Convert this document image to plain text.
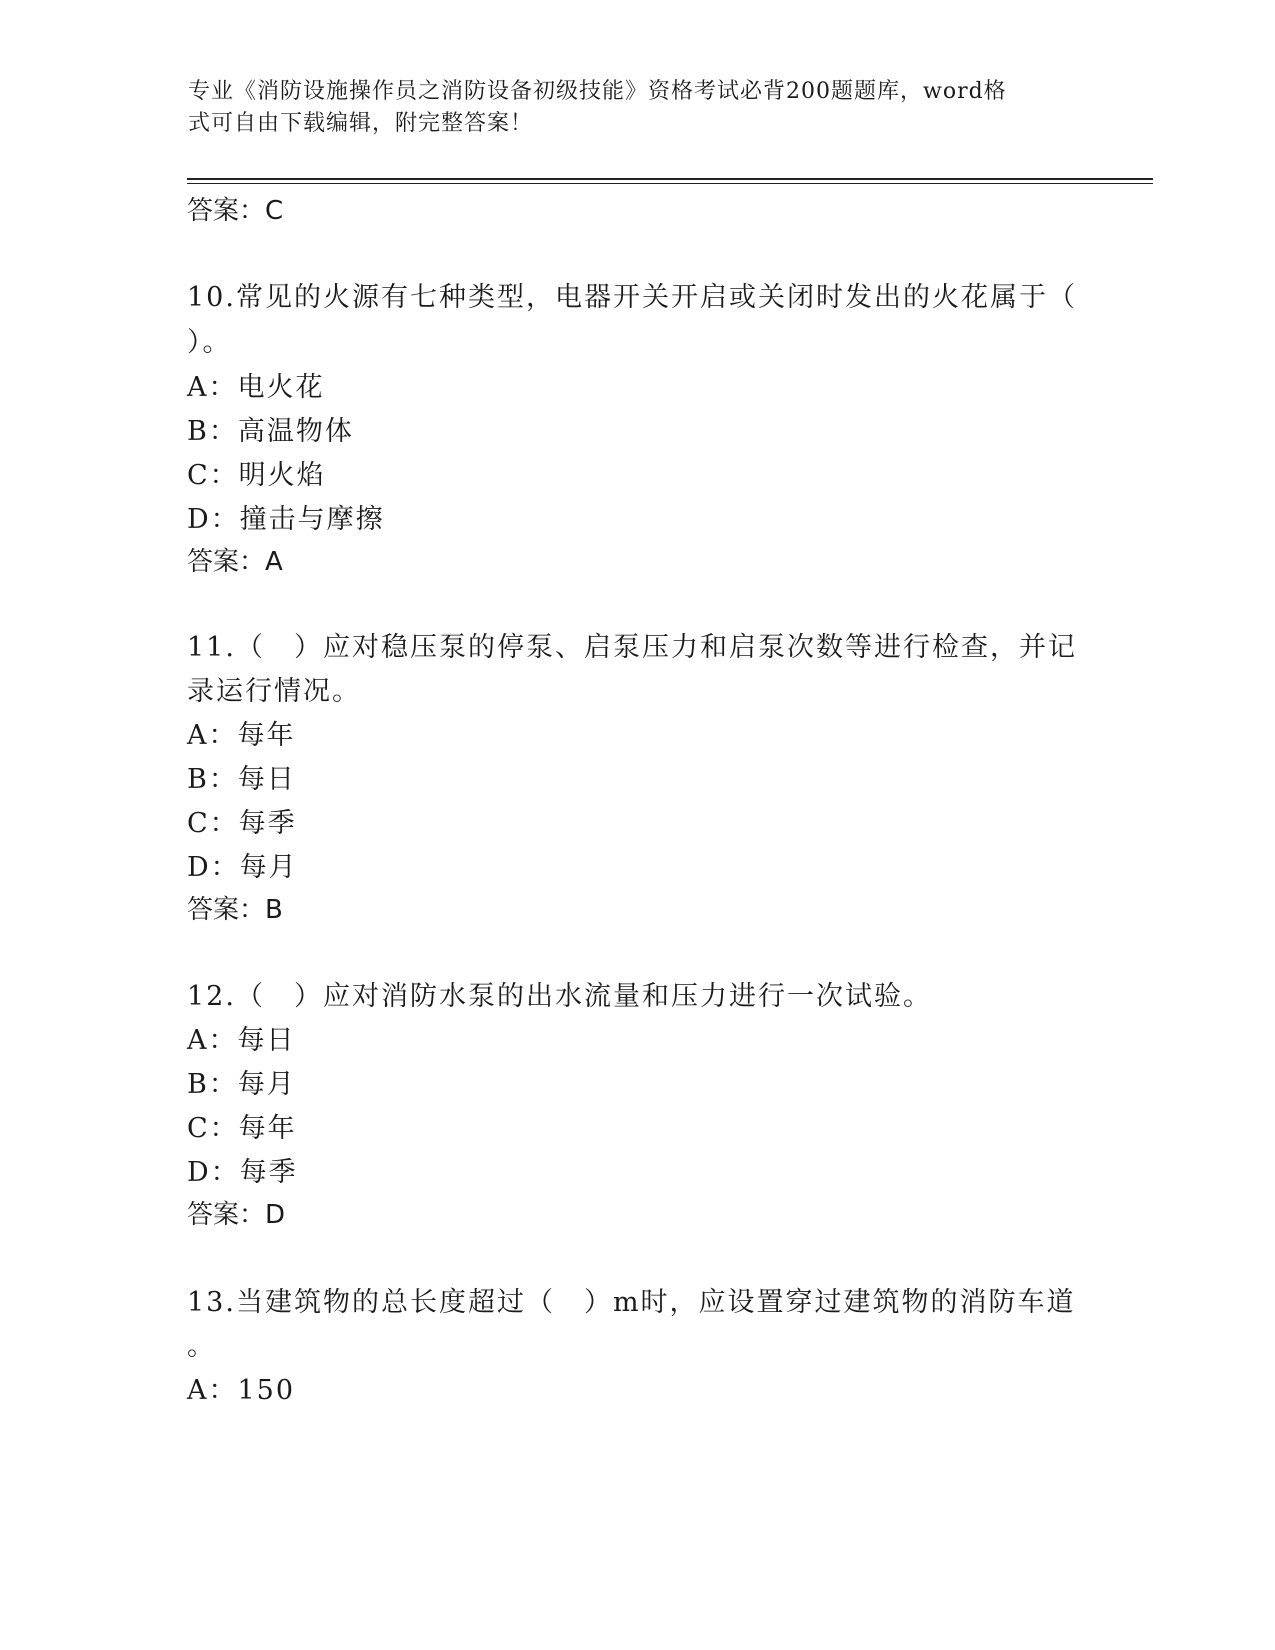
专业《消防设施操作员之消防设备初级技能》资格考试必背200题题库，word格
式可自由下载编辑，附完整答案！
答案：C
10.常见的火源有七种类型，电器开关开启或关闭时发出的火花属于（
）。
A：电火花
B：高温物体
C：明火焰
D：撞击与摩擦
答案：A
11.（　）应对稳压泵的停泵、启泵压力和启泵次数等进行检查，并记
录运行情况。
A：每年
B：每日
C：每季
D：每月
答案：B
12.（　）应对消防水泵的出水流量和压力进行一次试验。
A：每日
B：每月
C：每年
D：每季
答案：D
13.当建筑物的总长度超过（　）m时，应设置穿过建筑物的消防车道
。
A：150
